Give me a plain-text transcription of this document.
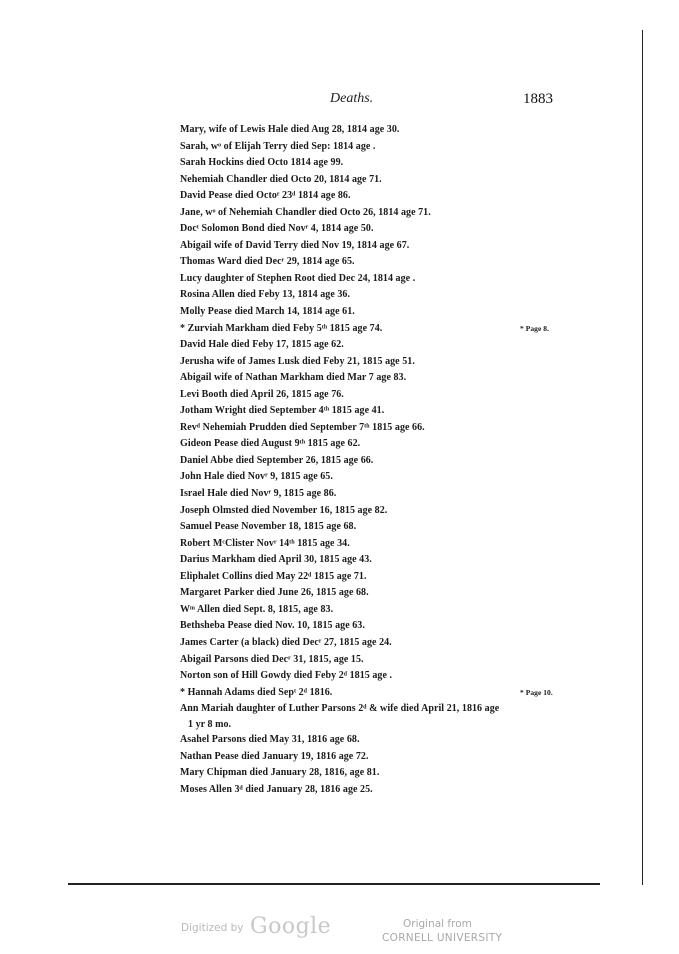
Deaths.	1883
Mary, wife of Lewis Hale died Aug 28, 1814 age 30.
Sarah, wᵒ of Elijah Terry died Sep: 1814 age .
Sarah Hockins died Octo 1814 age 99.
Nehemiah Chandler died Octo 20, 1814 age 71.
David Pease died Octoʳ 23ᵈ 1814 age 86.
Jane, wᵒ of Nehemiah Chandler died Octo 26, 1814 age 71.
Docᵗ Solomon Bond died Novʳ 4, 1814 age 50.
Abigail wife of David Terry died Nov 19, 1814 age 67.
Thomas Ward died Decʳ 29, 1814 age 65.
Lucy daughter of Stephen Root died Dec 24, 1814 age .
Rosina Allen died Feby 13, 1814 age 36.
Molly Pease died March 14, 1814 age 61.
* Zurviah Markham died Feby 5ᵗʰ 1815 age 74.	* Page 8.
David Hale died Feby 17, 1815 age 62.
Jerusha wife of James Lusk died Feby 21, 1815 age 51.
Abigail wife of Nathan Markham died Mar 7 age 83.
Levi Booth died April 26, 1815 age 76.
Jotham Wright died September 4ᵗʰ 1815 age 41.
Revᵈ Nehemiah Prudden died September 7ᵗʰ 1815 age 66.
Gideon Pease died August 9ᵗʰ 1815 age 62.
Daniel Abbe died September 26, 1815 age 66.
John Hale died Novʳ 9, 1815 age 65.
Israel Hale died Novʳ 9, 1815 age 86.
Joseph Olmsted died November 16, 1815 age 82.
Samuel Pease November 18, 1815 age 68.
Robert MᶜClister Novʳ 14ᵗʰ 1815 age 34.
Darius Markham died April 30, 1815 age 43.
Eliphalet Collins died May 22ᵈ 1815 age 71.
Margaret Parker died June 26, 1815 age 68.
Wᵐ Allen died Sept. 8, 1815, age 83.
Bethsheba Pease died Nov. 10, 1815 age 63.
James Carter (a black) died Decʳ 27, 1815 age 24.
Abigail Parsons died Decʳ 31, 1815, age 15.
Norton son of Hill Gowdy died Feby 2ᵈ 1815 age .
* Hannah Adams died Sepᵗ 2ᵈ 1816.	* Page 10.
Ann Mariah daughter of Luther Parsons 2ᵈ & wife died April 21, 1816 age
1 yr 8 mo.
Asahel Parsons died May 31, 1816 age 68.
Nathan Pease died January 19, 1816 age 72.
Mary Chipman died January 28, 1816, age 81.
Moses Allen 3ᵈ died January 28, 1816 age 25.
Digitized by Google	Original from
CORNELL UNIVERSITY
